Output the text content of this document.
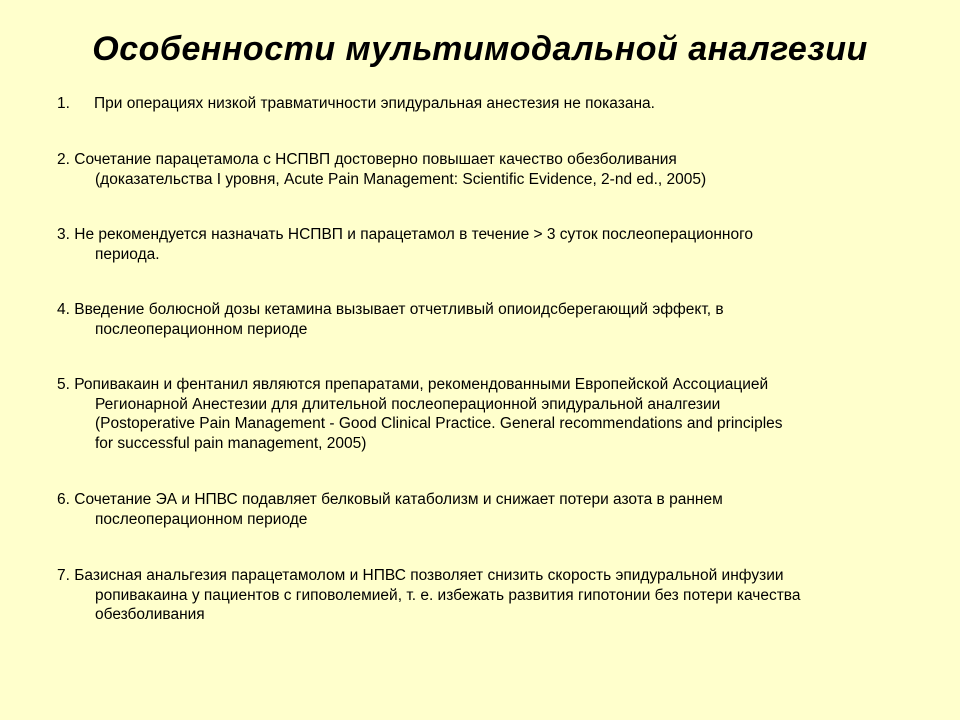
Особенности мультимодальной аналгезии
1. При операциях низкой травматичности эпидуральная анестезия не показана.
2. Сочетание парацетамола с НСПВП достоверно повышает качество обезболивания
(доказательства I уровня, Acute Pain Management: Scientific Evidence, 2-nd ed., 2005)
3. Не рекомендуется назначать НСПВП и парацетамол в течение > 3 суток послеоперационного
периода.
4. Введение болюсной дозы кетамина вызывает отчетливый опиоидсберегающий эффект, в
послеоперационном периоде
5. Ропивакаин и фентанил являются препаратами, рекомендованными Европейской Ассоциацией
Регионарной Анестезии для длительной послеоперационной эпидуральной аналгезии
(Postoperative Pain Management - Good Clinical Practice. General recommendations and principles
for successful pain management, 2005)
6. Сочетание ЭА и НПВС подавляет белковый катаболизм и снижает потери азота в раннем
послеоперационном периоде
7. Базисная анальгезия парацетамолом и НПВС позволяет снизить скорость эпидуральной инфузии
ропивакаина у пациентов с гиповолемией, т. е. избежать развития гипотонии без потери качества
обезболивания
